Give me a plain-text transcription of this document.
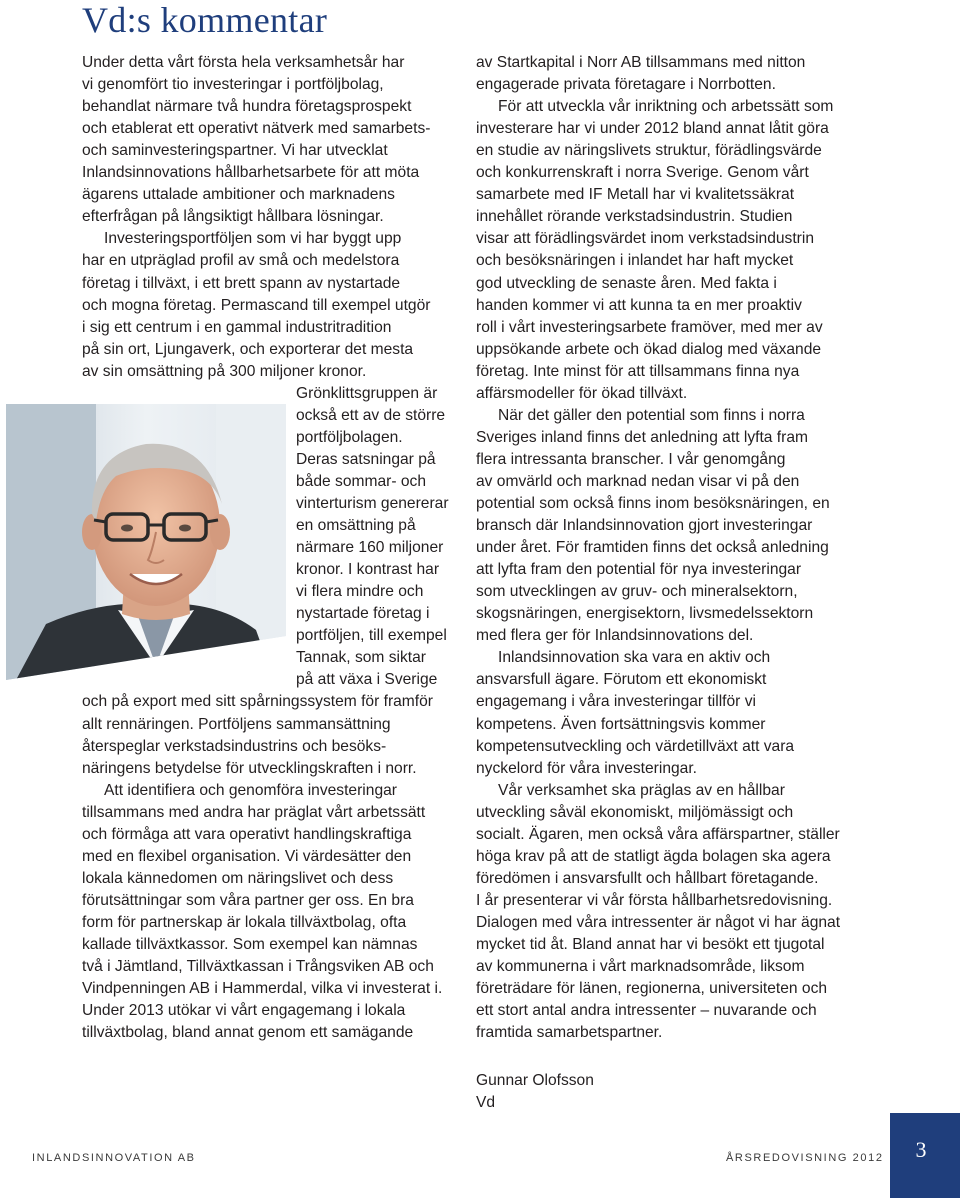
Vd:s kommentar
Under detta vårt första hela verksamhetsår har
vi genomfört tio investeringar i portföljbolag,
behandlat närmare två hundra företagsprospekt
och etablerat ett operativt nätverk med samarbets-
och saminvesteringspartner. Vi har utvecklat
Inlandsinnovations hållbarhetsarbete för att möta
ägarens uttalade ambitioner och marknadens
efterfrågan på långsiktigt hållbara lösningar.
Investeringsportföljen som vi har byggt upp
har en utpräglad profil av små och medelstora
företag i tillväxt, i ett brett spann av nystartade
och mogna företag. Permascand till exempel utgör
i sig ett centrum i en gammal industritradition
på sin ort, Ljungaverk, och exporterar det mesta
av sin omsättning på 300 miljoner kronor.
Grönklittsgruppen är
också ett av de större
portföljbolagen.
Deras satsningar på
både sommar- och
vinterturism genererar
en omsättning på
närmare 160 miljoner
kronor. I kontrast har
vi flera mindre och
nystartade företag i
portföljen, till exempel
Tannak, som siktar
på att växa i Sverige
och på export med sitt spårningssystem för framför
allt rennäringen. Portföljens sammansättning
återspeglar verkstadsindustrins och besöks-
näringens betydelse för utvecklingskraften i norr.
Att identifiera och genomföra investeringar
tillsammans med andra har präglat vårt arbetssätt
och förmåga att vara operativt handlingskraftiga
med en flexibel organisation. Vi värdesätter den
lokala kännedomen om näringslivet och dess
förutsättningar som våra partner ger oss. En bra
form för partnerskap är lokala tillväxtbolag, ofta
kallade tillväxtkassor. Som exempel kan nämnas
två i Jämtland, Tillväxtkassan i Trångsviken AB och
Vindpenningen AB i Hammerdal, vilka vi investerat i.
Under 2013 utökar vi vårt engagemang i lokala
tillväxtbolag, bland annat genom ett samägande
av Startkapital i Norr AB tillsammans med nitton
engagerade privata företagare i Norrbotten.
För att utveckla vår inriktning och arbetssätt som
investerare har vi under 2012 bland annat låtit göra
en studie av näringslivets struktur, förädlingsvärde
och konkurrenskraft i norra Sverige. Genom vårt
samarbete med IF Metall har vi kvalitetssäkrat
innehållet rörande verkstadsindustrin. Studien
visar att förädlingsvärdet inom verkstadsindustrin
och besöksnäringen i inlandet har haft mycket
god utveckling de senaste åren. Med fakta i
handen kommer vi att kunna ta en mer proaktiv
roll i vårt investeringsarbete framöver, med mer av
uppsökande arbete och ökad dialog med växande
företag. Inte minst för att tillsammans finna nya
affärsmodeller för ökad tillväxt.
När det gäller den potential som finns i norra
Sveriges inland finns det anledning att lyfta fram
flera intressanta branscher. I vår genomgång
av omvärld och marknad nedan visar vi på den
potential som också finns inom besöksnäringen, en
bransch där Inlandsinnovation gjort investeringar
under året. För framtiden finns det också anledning
att lyfta fram den potential för nya investeringar
som utvecklingen av gruv- och mineralsektorn,
skogsnäringen, energisektorn, livsmedelssektorn
med flera ger för Inlandsinnovations del.
Inlandsinnovation ska vara en aktiv och
ansvarsfull ägare. Förutom ett ekonomiskt
engagemang i våra investeringar tillför vi
kompetens. Även fortsättningsvis kommer
kompetensutveckling och värdetillväxt att vara
nyckelord för våra investeringar.
Vår verksamhet ska präglas av en hållbar
utveckling såväl ekonomiskt, miljömässigt och
socialt. Ägaren, men också våra affärspartner, ställer
höga krav på att de statligt ägda bolagen ska agera
föredömen i ansvarsfullt och hållbart företagande.
I år presenterar vi vår första hållbarhetsredovisning.
Dialogen med våra intressenter är något vi har ägnat
mycket tid åt. Bland annat har vi besökt ett tjugotal
av kommunerna i vårt marknadsområde, liksom
företrädare för länen, regionerna, universiteten och
ett stort antal andra intressenter – nuvarande och
framtida samarbetspartner.
Gunnar Olofsson
Vd
INLANDSINNOVATION AB	ÅRSREDOVISNING 2012	3
